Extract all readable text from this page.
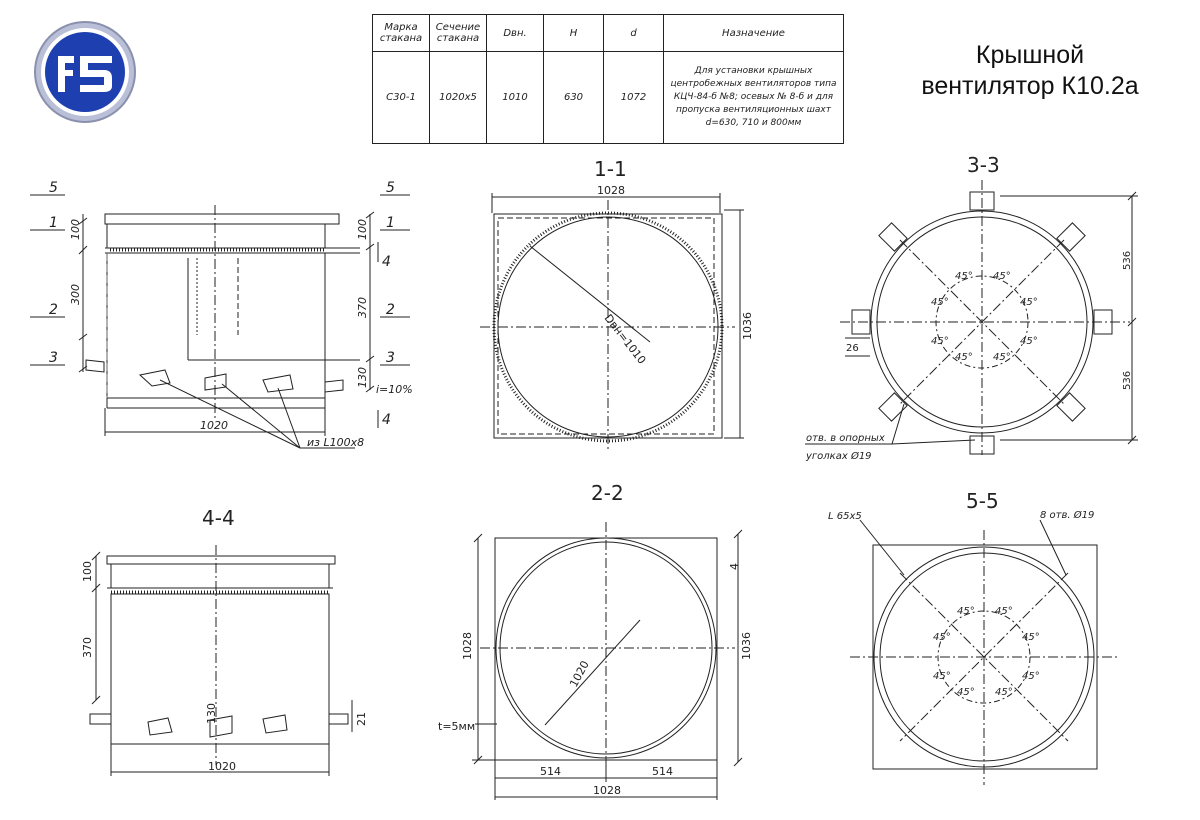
5
1
2
3
5
1
4
2
3
4
100
300
100
370
130
1020
i=10%
из L100х8
1-1
1028
1036
Dвн=1010
3-3
536
536
26
отв. в опорных
уголках Ø19
45° 45°
45°
45°
45°
45°
45°
45°
4-4
100
370
130	21
1020
2-2
1028	1036
4
1020
t=5мм
514	514
1028
5-5
L 65х5	8 отв. Ø19
45° 45°
45°
45°
45°
45°
45°
45°
Марка стакана	Сечение стакана	Dвн.	H	d	Назначение
С30-1	1020х5	1010	630	1072	Для установки крышных центробежных вентиляторов типа КЦЧ-84-б №8; осевых № 8-б и для пропуска вентиляционных шахт d=630, 710 и 800мм
Крышной
вентилятор К10.2а
